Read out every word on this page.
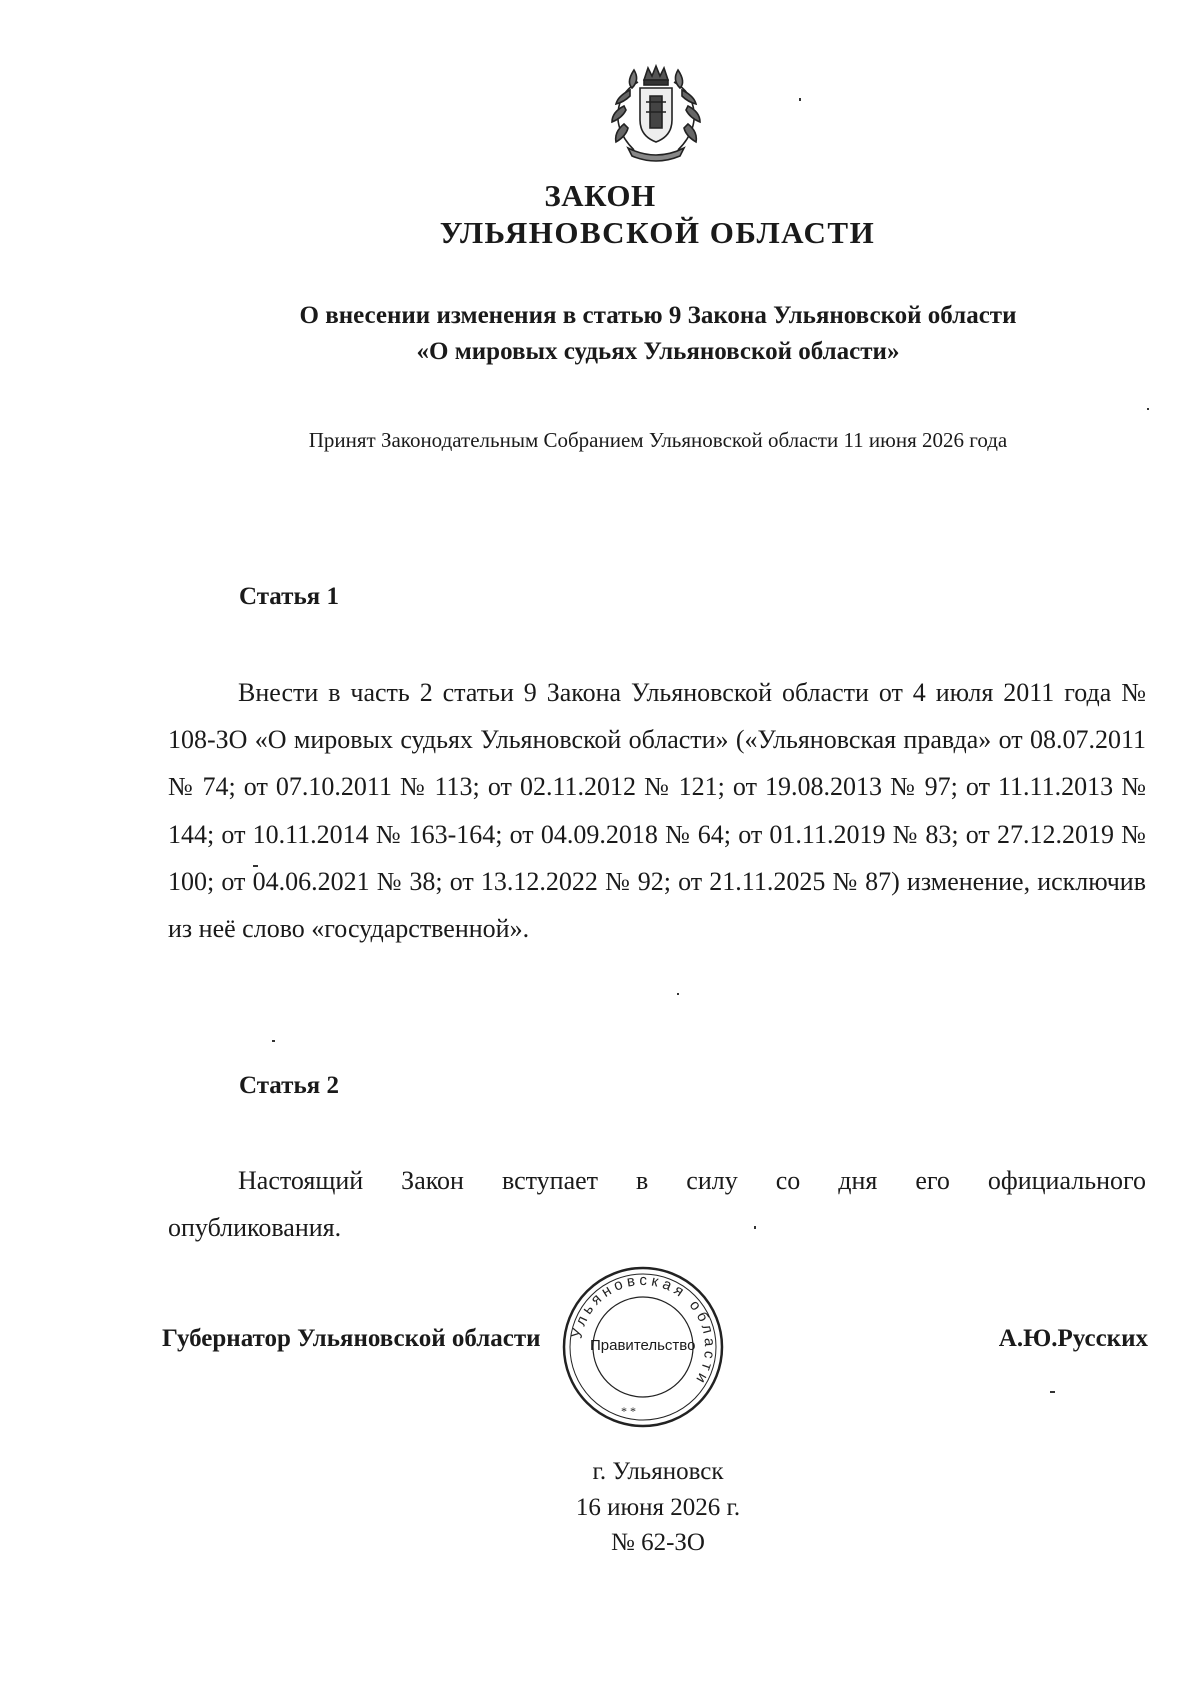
ЗАКОН
УЛЬЯНОВСКОЙ ОБЛАСТИ
О внесении изменения в статью 9 Закона Ульяновской области
«О мировых судьях Ульяновской области»
Принят Законодательным Собранием Ульяновской области 11 июня 2026 года
Статья 1
Внести в часть 2 статьи 9 Закона Ульяновской области от 4 июля 2011 года № 108-ЗО «О мировых судьях Ульяновской области» («Ульяновская правда» от 08.07.2011 № 74; от 07.10.2011 № 113; от 02.11.2012 № 121; от 19.08.2013 № 97; от 11.11.2013 № 144; от 10.11.2014 № 163-164; от 04.09.2018 № 64; от 01.11.2019 № 83; от 27.12.2019 № 100; от 04.06.2021 № 38; от 13.12.2022 № 92; от 21.11.2025 № 87) изменение, исключив из неё слово «государственной».
Статья 2
Настоящий Закон вступает в силу со дня его официального
опубликования.
Губернатор Ульяновской области Ульяновская области
* *
Правительство	А.Ю.Русских
г. Ульяновск
16 июня 2026 г.
№ 62-ЗО
